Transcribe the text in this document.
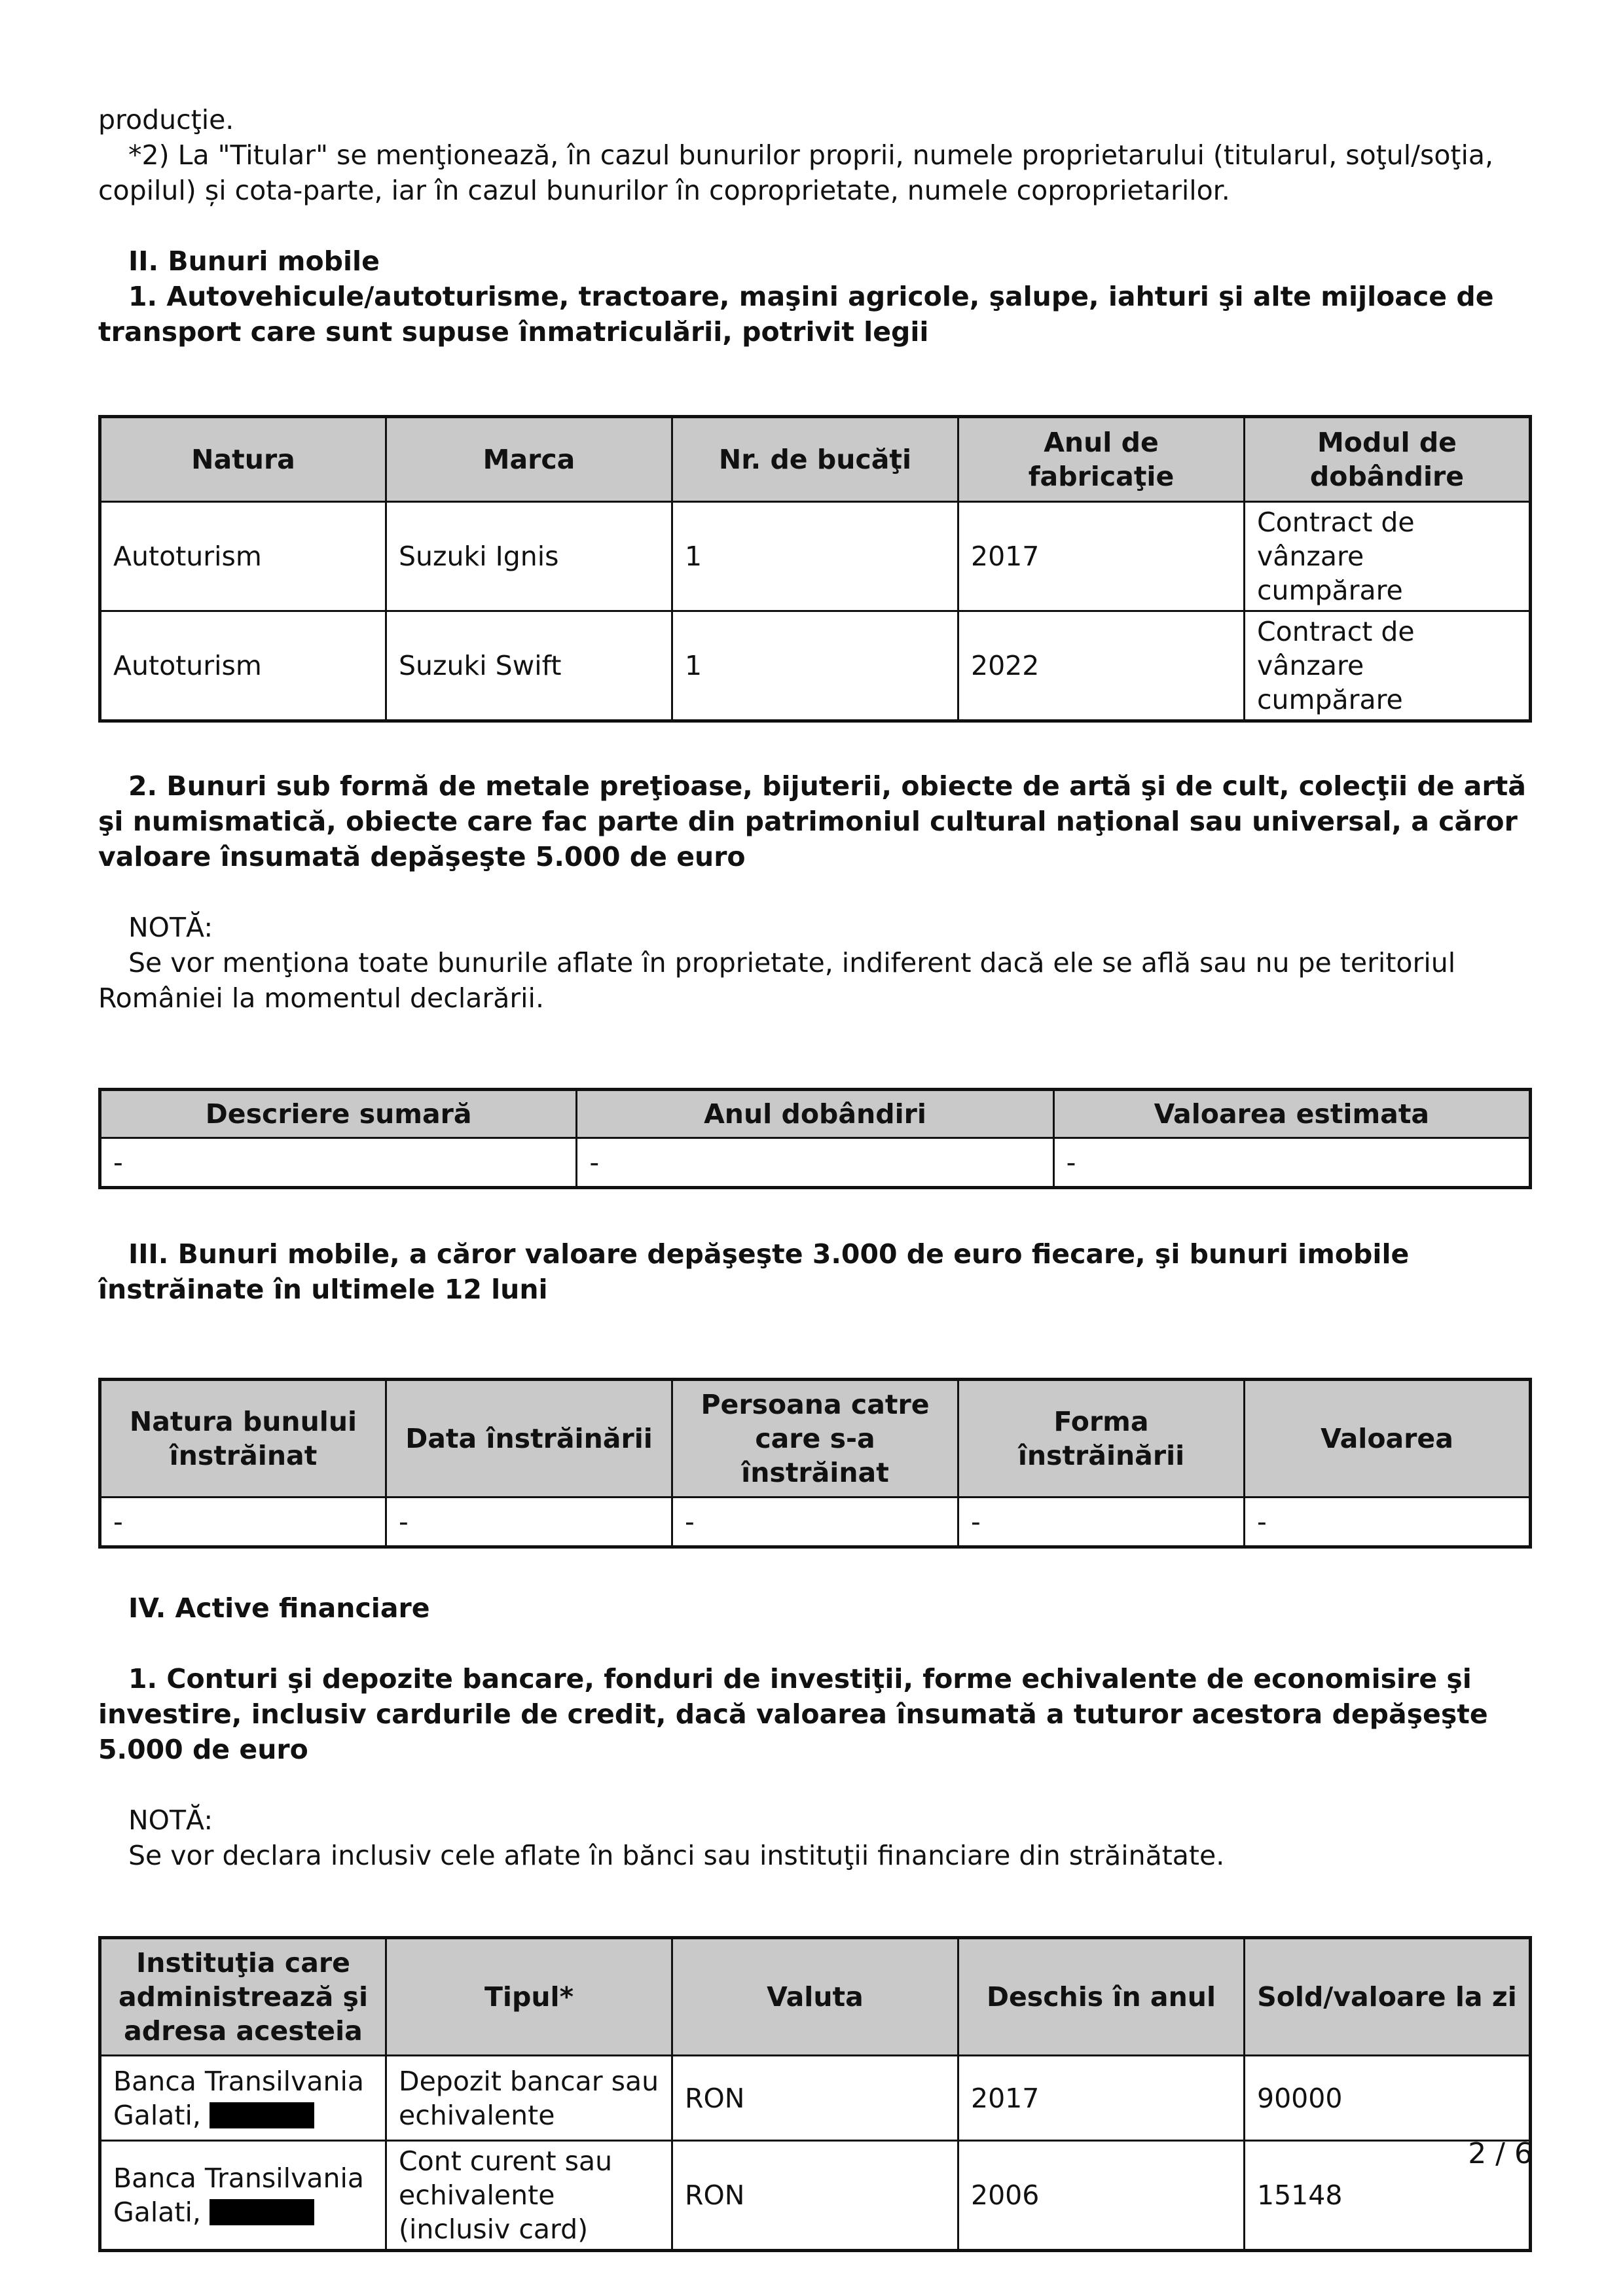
producţie.

*2) La "Titular" se menţionează, în cazul bunurilor proprii, numele proprietarului (titularul, soţul/soţia, copilul) și cota-parte, iar în cazul bunurilor în coproprietate, numele coproprietarilor.

II. Bunuri mobile

1. Autovehicule/autoturisme, tractoare, maşini agricole, şalupe, iahturi şi alte mijloace de transport care sunt supuse înmatriculării, potrivit legii

Natura	Marca	Nr. de bucăţi	Anul de fabricaţie	Modul de dobândire
Autoturism	Suzuki Ignis	1	2017	Contract de vânzare cumpărare
Autoturism	Suzuki Swift	1	2022	Contract de vânzare cumpărare

2. Bunuri sub formă de metale preţioase, bijuterii, obiecte de artă şi de cult, colecţii de artă şi numismatică, obiecte care fac parte din patrimoniul cultural naţional sau universal, a căror valoare însumată depăşeşte 5.000 de euro

NOTĂ:

Se vor menţiona toate bunurile aflate în proprietate, indiferent dacă ele se află sau nu pe teritoriul României la momentul declarării.

Descriere sumară	Anul dobândiri	Valoarea estimata
-	-	-

III. Bunuri mobile, a căror valoare depăşeşte 3.000 de euro fiecare, şi bunuri imobile înstrăinate în ultimele 12 luni

Natura bunului înstrăinat	Data înstrăinării	Persoana catre care s-a înstrăinat	Forma înstrăinării	Valoarea
-	-	-	-	-

IV. Active financiare

1. Conturi şi depozite bancare, fonduri de investiţii, forme echivalente de economisire şi investire, inclusiv cardurile de credit, dacă valoarea însumată a tuturor acestora depăşeşte 5.000 de euro

NOTĂ:

Se vor declara inclusiv cele aflate în bănci sau instituţii financiare din străinătate.

Instituţia care administrează şi adresa acesteia	Tipul*	Valuta	Deschis în anul	Sold/valoare la zi
Banca Transilvania
Galati,	Depozit bancar sau echivalente	RON	2017	90000
Banca Transilvania
Galati,	Cont curent sau echivalente (inclusiv card)	RON	2006	15148
2 / 6
